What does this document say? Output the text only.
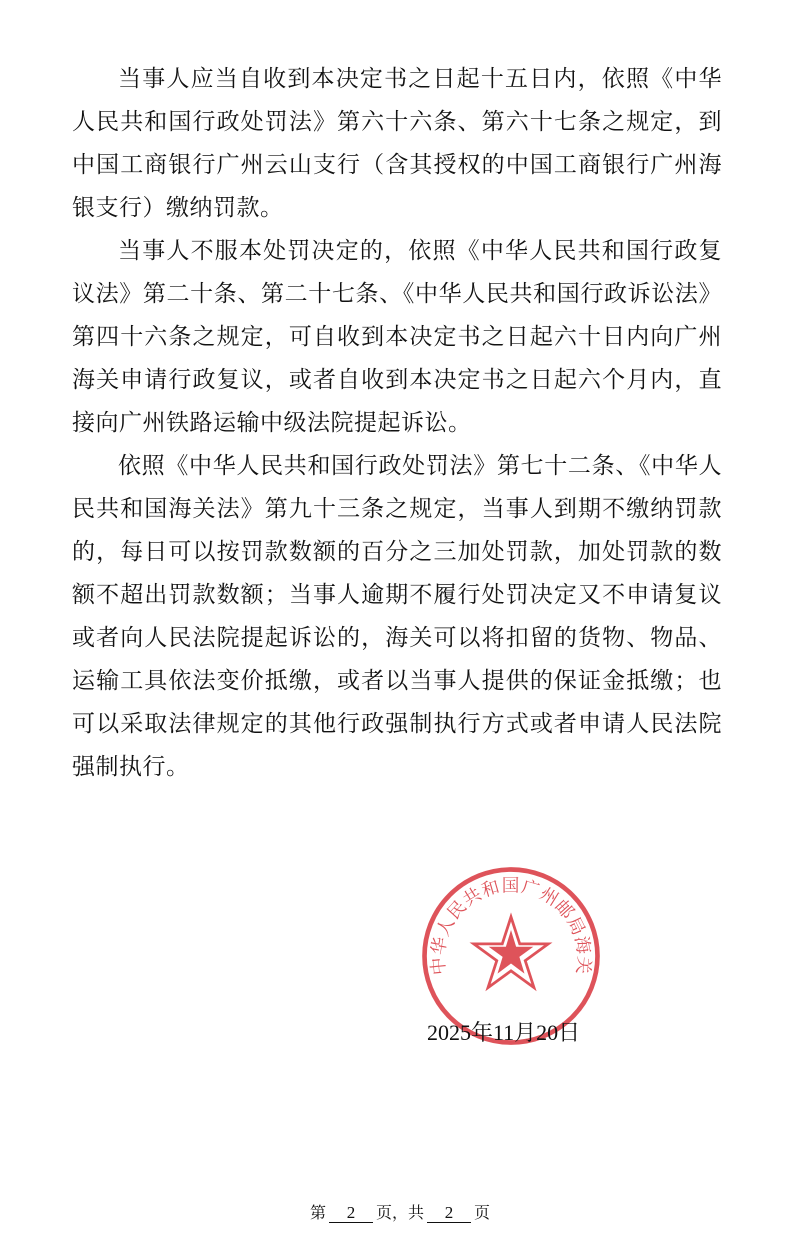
当事人应当自收到本决定书之日起十五日内，依照《中华人民共和国行政处罚法》第六十六条、第六十七条之规定，到中国工商银行广州云山支行（含其授权的中国工商银行广州海银支行）缴纳罚款。

当事人不服本处罚决定的，依照《中华人民共和国行政复议法》第二十条、第二十七条、《中华人民共和国行政诉讼法》第四十六条之规定，可自收到本决定书之日起六十日内向广州海关申请行政复议，或者自收到本决定书之日起六个月内，直接向广州铁路运输中级法院提起诉讼。

依照《中华人民共和国行政处罚法》第七十二条、《中华人民共和国海关法》第九十三条之规定，当事人到期不缴纳罚款的，每日可以按罚款数额的百分之三加处罚款，加处罚款的数额不超出罚款数额；当事人逾期不履行处罚决定又不申请复议或者向人民法院提起诉讼的，海关可以将扣留的货物、物品、运输工具依法变价抵缴，或者以当事人提供的保证金抵缴；也可以采取法律规定的其他行政强制执行方式或者申请人民法院强制执行。

中华人民共和国广州邮局海关
2025年11月20日
第 2 页，共 2 页
